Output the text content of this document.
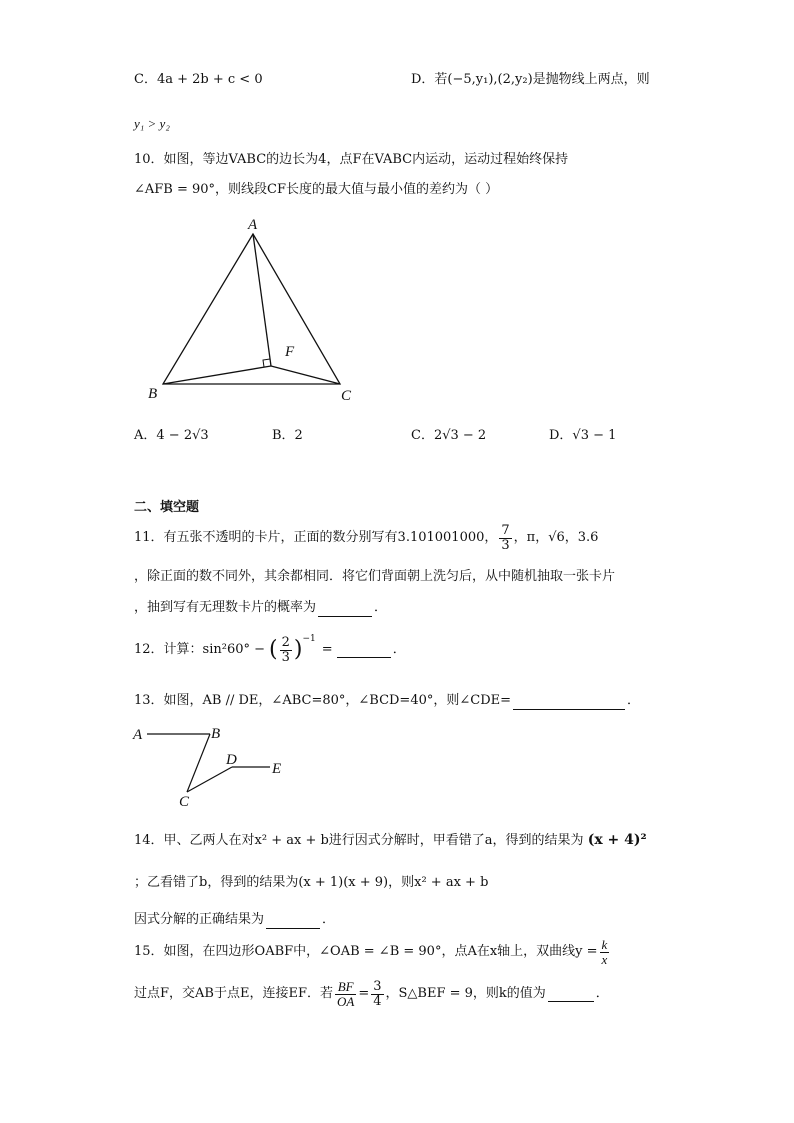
C．4a + 2b + c < 0	D．若(−5,y₁),(2,y₂)是抛物线上两点，则
y₁ > y₂
10．如图，等边VABC的边长为4，点F在VABC内运动，运动过程始终保持
∠AFB = 90°，则线段CF长度的最大值与最小值的差约为（ ）
A
B	C
F
A．4 − 2√3	B．2	C．2√3 − 2	D．√3 − 1
二、填空题
11．有五张不透明的卡片，正面的数分别写有3.101001000， $\frac{7}{3}$ ，π，√6，3.6
，除正面的数不同外，其余都相同．将它们背面朝上洗匀后，从中随机抽取一张卡片
，抽到写有无理数卡片的概率为	．
12．计算：sin²60° − ( $\frac{2}{3}$ ) −1
=
	．
13．如图，AB // DE，∠ABC=80°，∠BCD=40°，则∠CDE=	．
A	B
C
D
E
14．甲、乙两人在对x² + ax + b进行因式分解时，甲看错了a，得到的结果为 (x + 4)²
；乙看错了b，得到的结果为(x + 1)(x + 9)，则x² + ax + b
因式分解的正确结果为	．
15．如图，在四边形OABF中，∠OAB = ∠B = 90°，点A在x轴上，双曲线$y = \frac{k}{x}$
过点F，交AB于点E，连接EF．若 $\frac{BF}{OA} = \frac{3}{4}$ ，S△BEF = 9，则k的值为
	．
